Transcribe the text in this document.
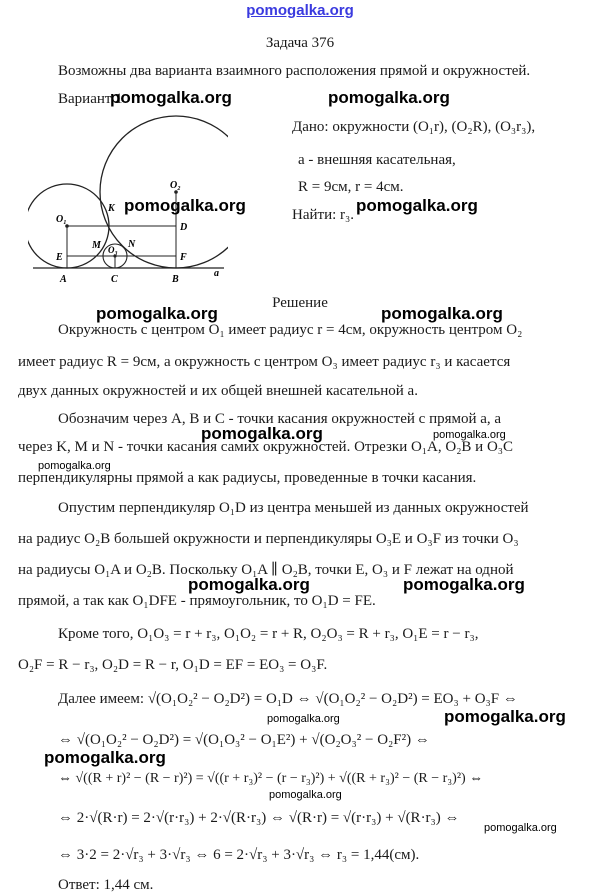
pomogalka.org
Задача 376
Возможны два варианта взаимного расположения прямой и окружностей.
Вариант 1
O₁
O₂
O₃
K
M	N
D
E	F
A	C	B
a
Дано: окружности (O₁r), (O₂R), (O₃r₃),
a - внешняя касательная,
R = 9см, r = 4см.
Найти: r₃.
Решение
Окружность с центром O₁ имеет радиус r = 4см, окружность центром O₂
имеет радиус R = 9см, а окружность с центром O₃ имеет радиус r₃ и касается
двух данных окружностей и их общей внешней касательной a.
Обозначим через A, B и C - точки касания окружностей с прямой a, а
через K, M и N - точки касания самих окружностей. Отрезки O₁A, O₂B и O₃C
перпендикулярны прямой a как радиусы, проведенные в точки касания.
Опустим перпендикуляр O₁D из центра меньшей из данных окружностей
на радиус O₂B большей окружности и перпендикуляры O₃E и O₃F из точки O₃
на радиусы O₁A и O₂B. Поскольку O₁A ∥ O₂B, точки E, O₃ и F лежат на одной
прямой, а так как O₁DFE - прямоугольник, то O₁D = FE.
Кроме того, O₁O₃ = r + r₃, O₁O₂ = r + R, O₂O₃ = R + r₃, O₁E = r − r₃,
O₂F = R − r₃, O₂D = R − r, O₁D = EF = EO₃ = O₃F.
Далее имеем: √(O₁O₂² − O₂D²) = O₁D ⇔ √(O₁O₂² − O₂D²) = EO₃ + O₃F ⇔
⇔ √(O₁O₂² − O₂D²) = √(O₁O₃² − O₁E²) + √(O₂O₃² − O₂F²) ⇔
⇔ √((R + r)² − (R − r)²) = √((r + r₃)² − (r − r₃)²) + √((R + r₃)² − (R − r₃)²) ⇔
⇔ 2·√(R·r) = 2·√(r·r₃) + 2·√(R·r₃) ⇔ √(R·r) = √(r·r₃) + √(R·r₃) ⇔
⇔ 3·2 = 2·√r₃ + 3·√r₃ ⇔ 6 = 2·√r₃ + 3·√r₃ ⇔ r₃ = 1,44(см).
Ответ: 1,44 см.
pomogalka.org	pomogalka.org
pomogalka.org	pomogalka.org
pomogalka.org	pomogalka.org
pomogalka.org	pomogalka.org
pomogalka.org
pomogalka.org	pomogalka.org
pomogalka.org	pomogalka.org
pomogalka.org
pomogalka.org
pomogalka.org
